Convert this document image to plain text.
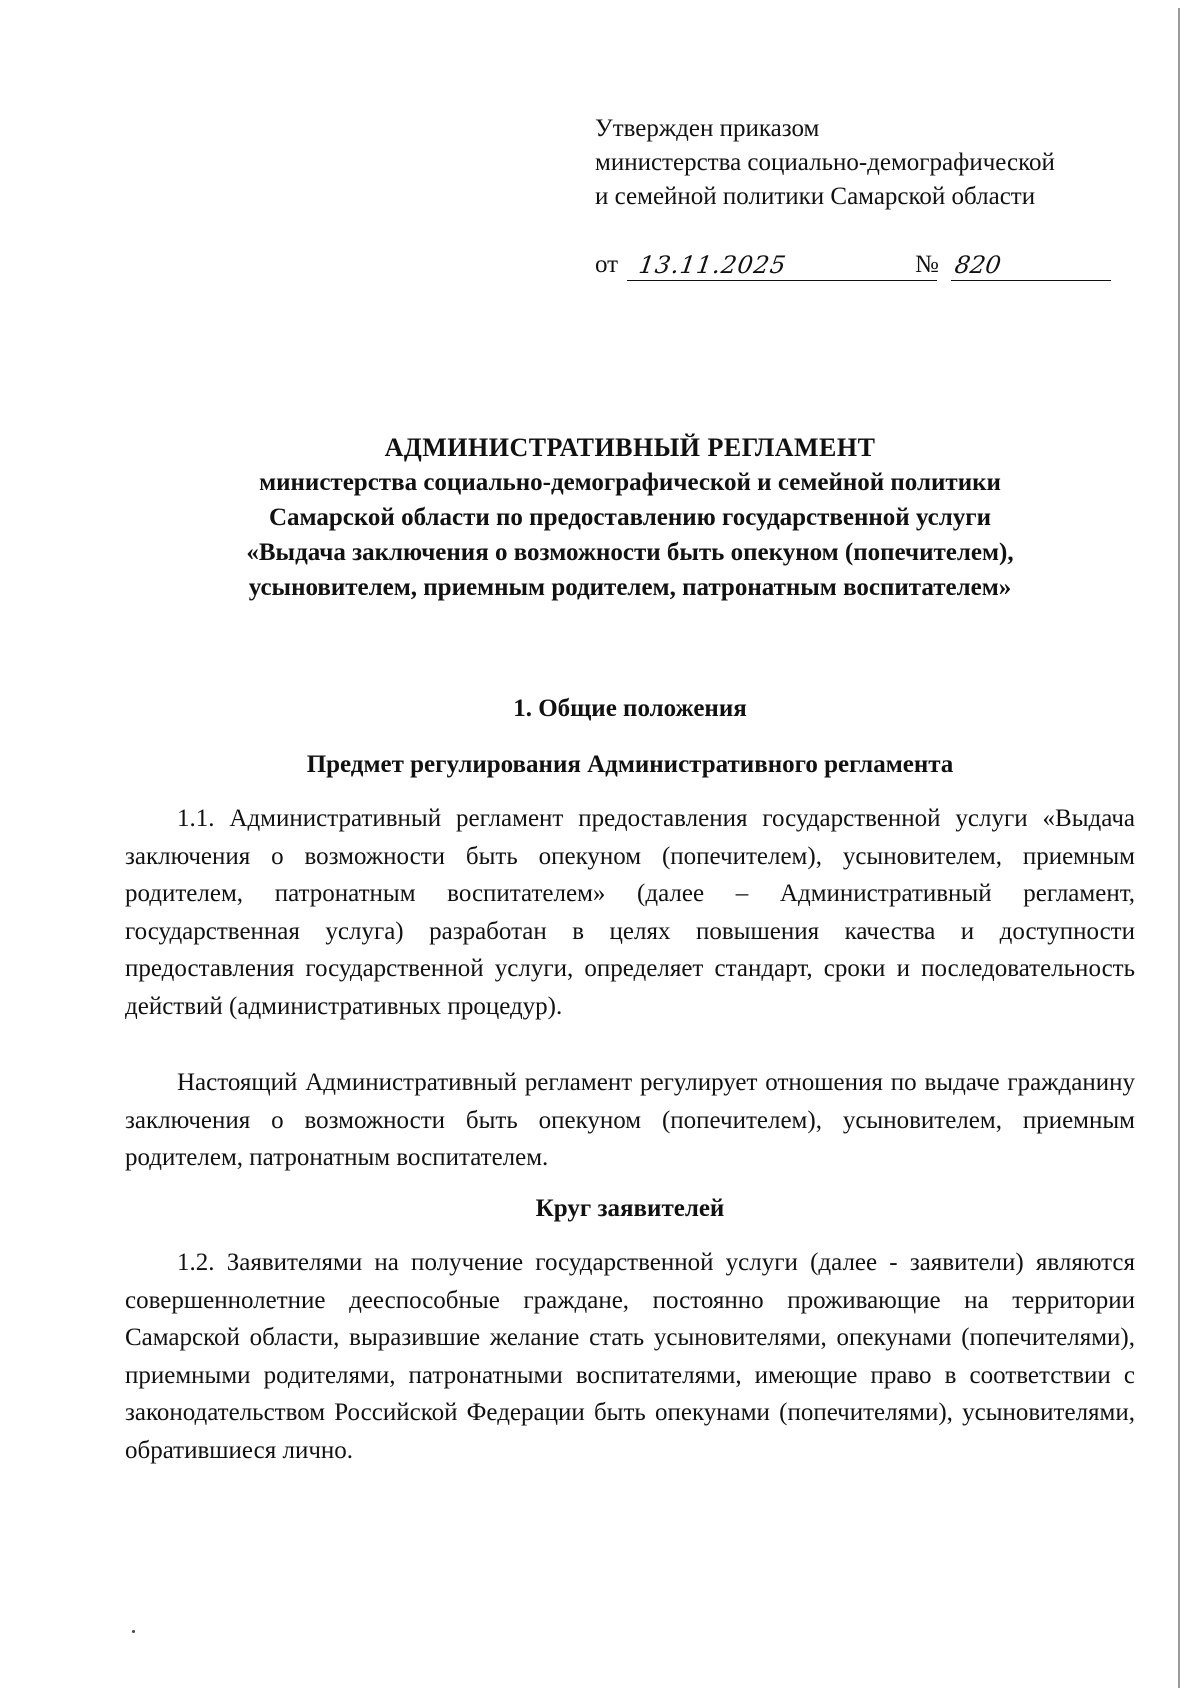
Утвержден приказом
министерства социально-демографической
и семейной политики Самарской области
от 13.11.2025	№ 820
АДМИНИСТРАТИВНЫЙ РЕГЛАМЕНТ
министерства социально-демографической и семейной политики
Самарской области по предоставлению государственной услуги
«Выдача заключения о возможности быть опекуном (попечителем),
усыновителем, приемным родителем, патронатным воспитателем»
1. Общие положения
Предмет регулирования Административного регламента

1.1. Административный регламент предоставления государственной услуги «Выдача заключения о возможности быть опекуном (попечителем), усыновителем, приемным родителем, патронатным воспитателем» (далее – Административный регламент, государственная услуга) разработан в целях повышения качества и доступности предоставления государственной услуги, определяет стандарт, сроки и последовательность действий (административных процедур).

Настоящий Административный регламент регулирует отношения по выдаче гражданину заключения о возможности быть опекуном (попечителем), усыновителем, приемным родителем, патронатным воспитателем.

Круг заявителей

1.2. Заявителями на получение государственной услуги (далее - заявители) являются совершеннолетние дееспособные граждане, постоянно проживающие на территории Самарской области, выразившие желание стать усыновителями, опекунами (попечителями), приемными родителями, патронатными воспитателями, имеющие право в соответствии с законодательством Российской Федерации быть опекунами (попечителями), усыновителями, обратившиеся лично.
